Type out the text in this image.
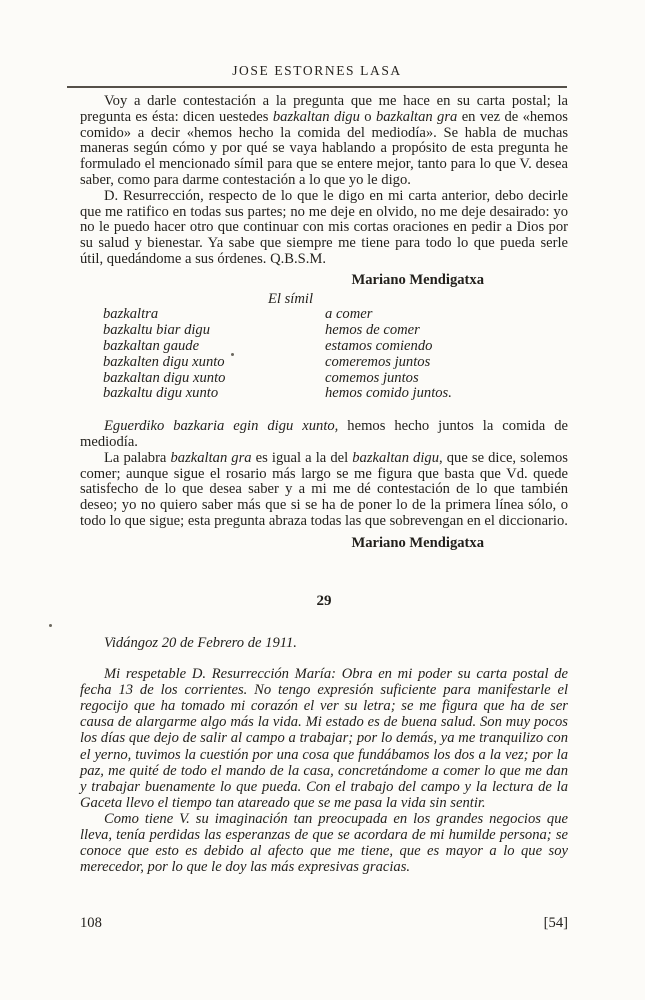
JOSE ESTORNES LASA

Voy a darle contestación a la pregunta que me hace en su carta postal; la pregunta es ésta: dicen uestedes bazkaltan digu o bazkaltan gra en vez de «hemos comido» a decir «hemos hecho la comida del mediodía». Se habla de muchas maneras según cómo y por qué se vaya hablando a propósito de esta pregunta he formulado el mencionado símil para que se entere mejor, tanto para lo que V. desea saber, como para darme contestación a lo que yo le digo.

D. Resurrección, respecto de lo que le digo en mi carta anterior, debo decirle que me ratifico en todas sus partes; no me deje en olvido, no me deje desairado: yo no le puedo hacer otro que continuar con mis cortas oraciones en pedir a Dios por su salud y bienestar. Ya sabe que siempre me tiene para todo lo que pueda serle útil, quedándome a sus órdenes. Q.B.S.M.

Mariano Mendigatxa

El símil

bazkaltra	a comer
bazkaltu biar digu	hemos de comer
bazkaltan gaude	estamos comiendo
bazkalten digu xunto	comeremos juntos
bazkaltan digu xunto	comemos juntos
bazkaltu digu xunto	hemos comido juntos.

Eguerdiko bazkaria egin digu xunto, hemos hecho juntos la comida de mediodía.

La palabra bazkaltan gra es igual a la del bazkaltan digu, que se dice, solemos comer; aunque sigue el rosario más largo se me figura que basta que Vd. quede satisfecho de lo que desea saber y a mi me dé contestación de lo que también deseo; yo no quiero saber más que si se ha de poner lo de la primera línea sólo, o todo lo que sigue; esta pregunta abraza todas las que sobrevengan en el diccionario.

Mariano Mendigatxa

29

Vidángoz 20 de Febrero de 1911.

Mi respetable D. Resurrección María: Obra en mi poder su carta postal de fecha 13 de los corrientes. No tengo expresión suficiente para manifestarle el regocijo que ha tomado mi corazón el ver su letra; se me figura que ha de ser causa de alargarme algo más la vida. Mi estado es de buena salud. Son muy pocos los días que dejo de salir al campo a trabajar; por lo demás, ya me tranquilizo con el yerno, tuvimos la cuestión por una cosa que fundábamos los dos a la vez; por la paz, me quité de todo el mando de la casa, concretándome a comer lo que me dan y trabajar buenamente lo que pueda. Con el trabajo del campo y la lectura de la Gaceta llevo el tiempo tan atareado que se me pasa la vida sin sentir.

Como tiene V. su imaginación tan preocupada en los grandes negocios que lleva, tenía perdidas las esperanzas de que se acordara de mi humilde persona; se conoce que esto es debido al afecto que me tiene, que es mayor a lo que soy merecedor, por lo que le doy las más expresivas gracias.

108	[54]
